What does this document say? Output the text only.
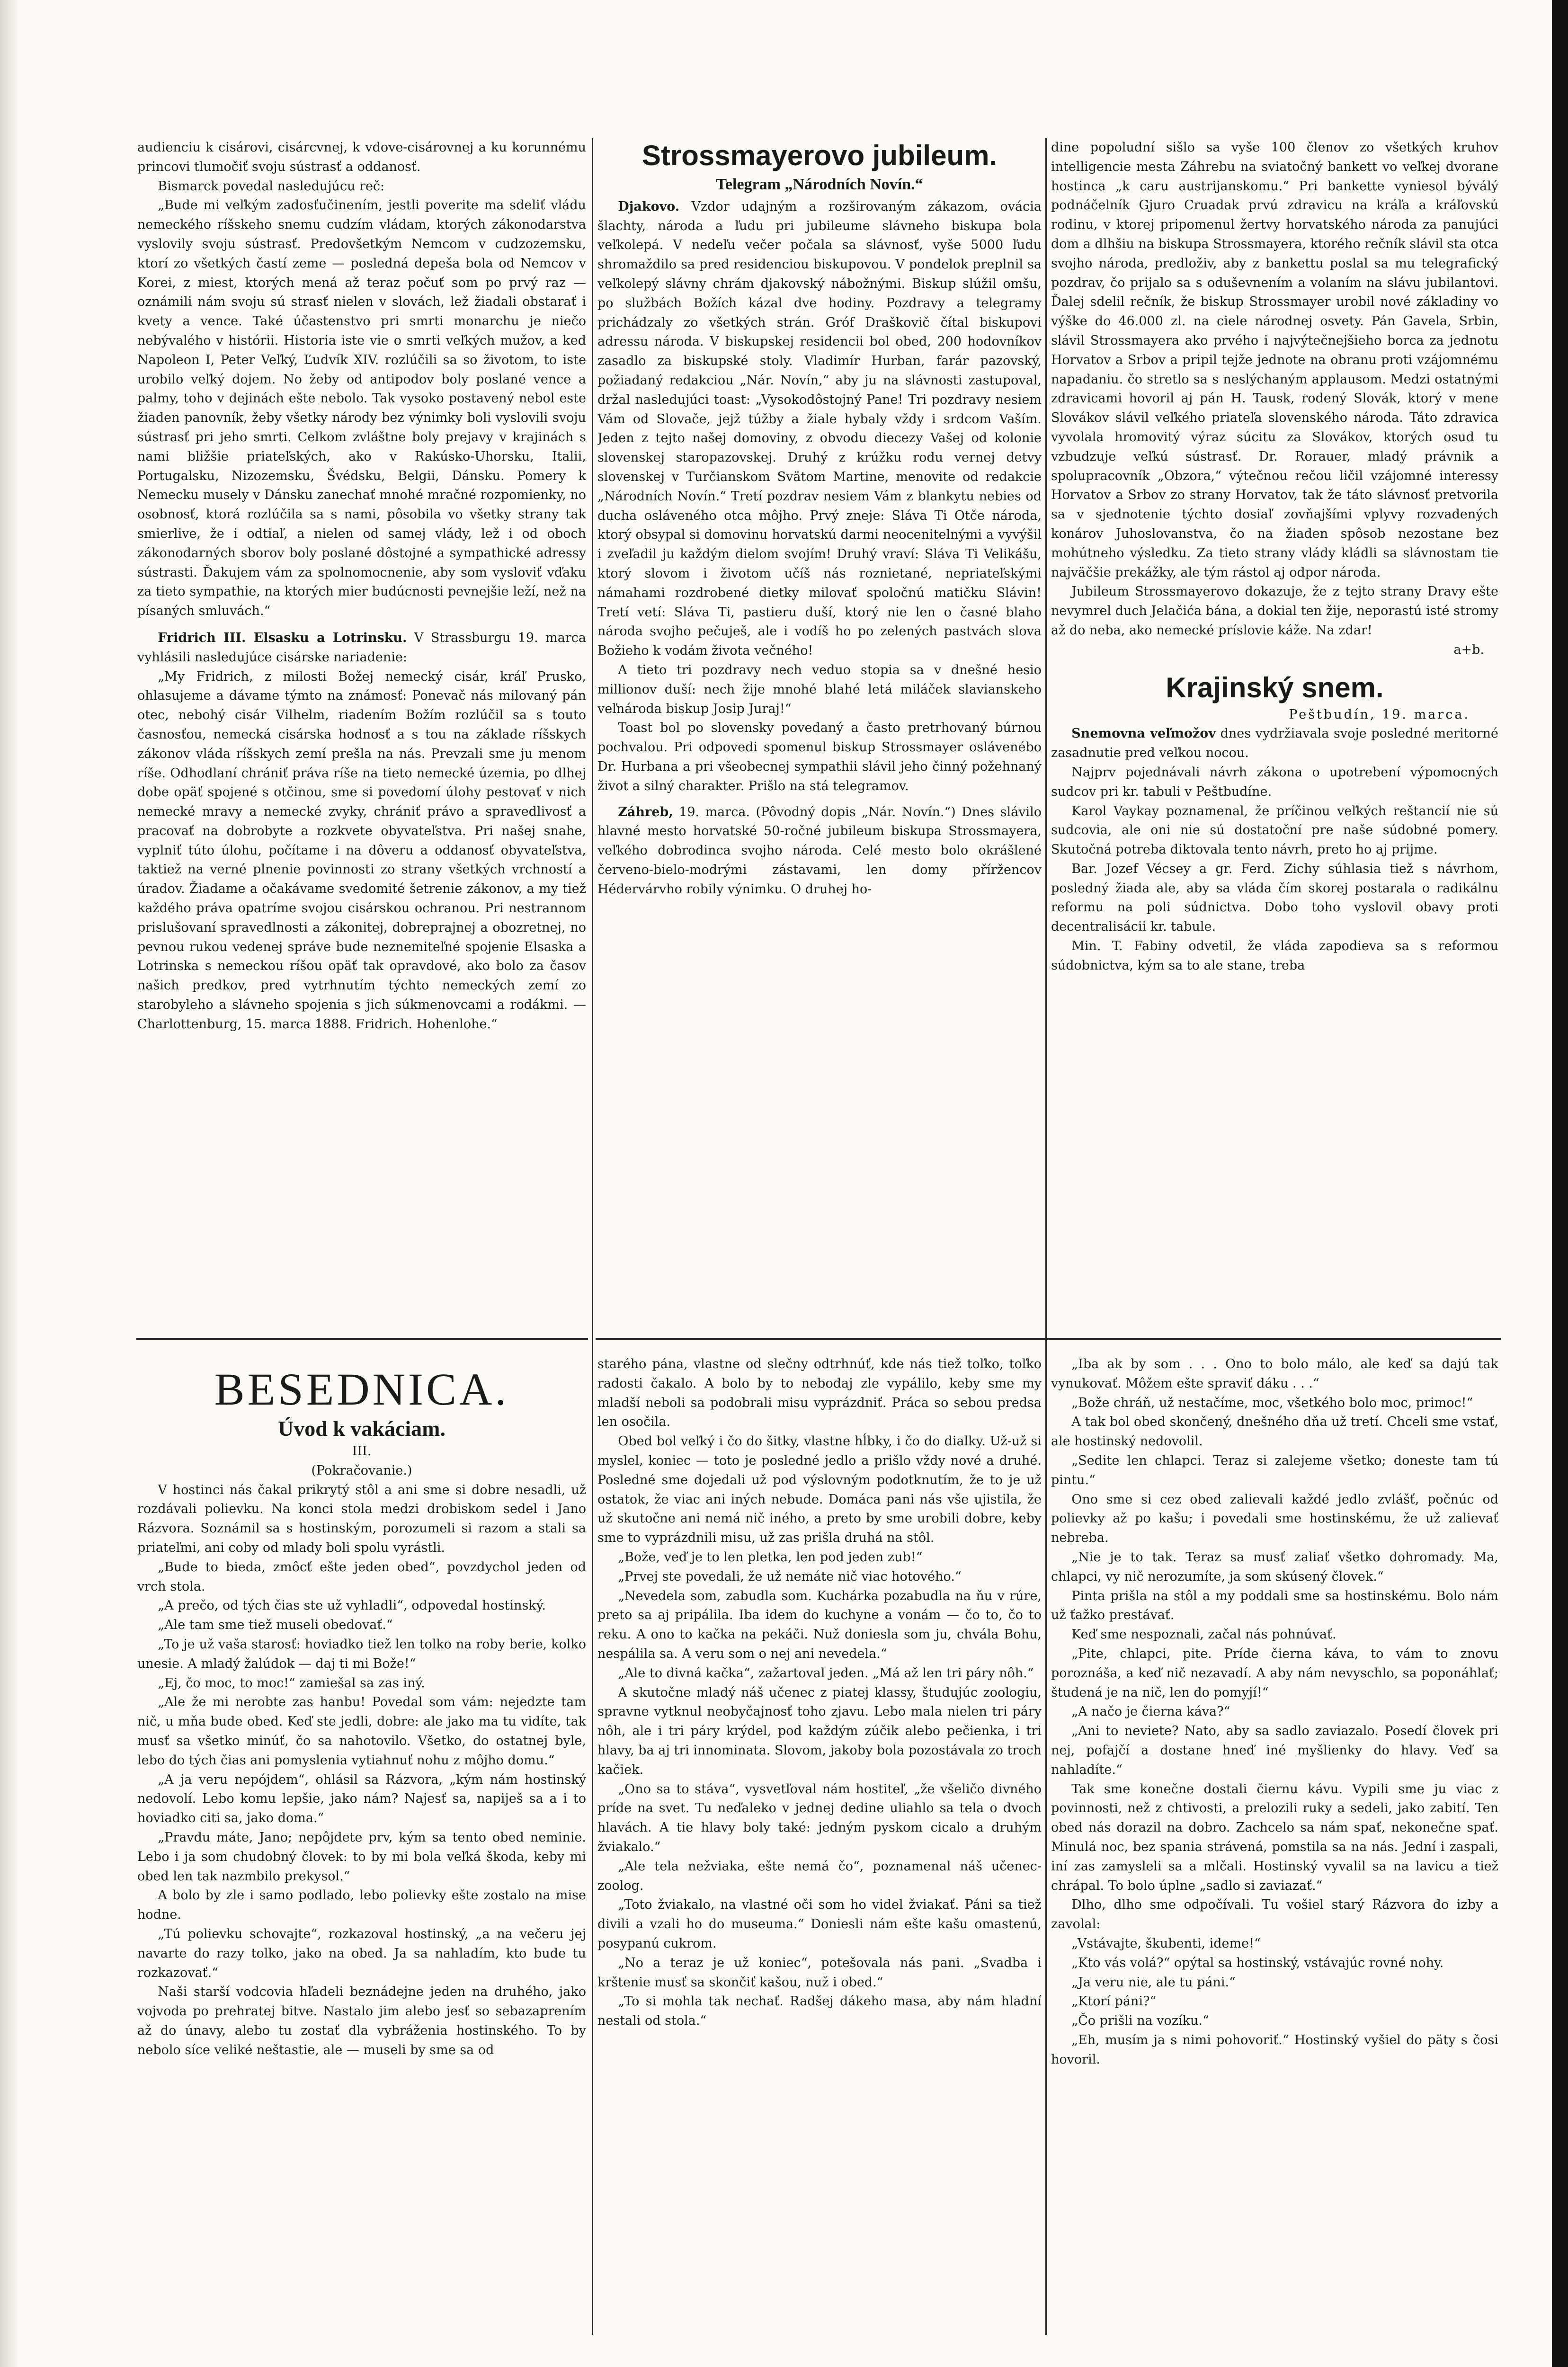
audienciu k cisárovi, cisárcvnej, k vdove-cisárovnej a ku korunnému princovi tlumočiť svoju sústrasť a oddanosť.

Bismarck povedal nasledujúcu reč:

„Bude mi veľkým zadosťučinením, jestli poverite ma sdeliť vládu nemeckého ríšskeho snemu cudzím vládam, ktorých zákonodarstva vyslovily svoju sústrasť. Predovšetkým Nemcom v cudzozemsku, ktorí zo všetkých častí zeme — posledná depeša bola od Nemcov v Korei, z miest, ktorých mená až teraz počuť som po prvý raz — oznámili nám svoju sú strasť nielen v slovách, lež žiadali obstarať i kvety a vence. Také účastenstvo pri smrti monarchu je niečo nebývalého v histórii. Historia iste vie o smrti veľkých mužov, a keď Napoleon I, Peter Veľký, Ľudvík XIV. rozlúčili sa so životom, to iste urobilo veľký dojem. No žeby od antipodov boly poslané vence a palmy, toho v dejinách ešte nebolo. Tak vysoko postavený nebol este žiaden panovník, žeby všetky národy bez výnimky boli vyslovili svoju sústrasť pri jeho smrti. Celkom zvláštne boly prejavy v krajinách s nami bližšie priateľských, ako v Rakúsko-Uhorsku, Italii, Portugalsku, Nizozemsku, Švédsku, Belgii, Dánsku. Pomery k Nemecku musely v Dánsku zanechať mnohé mračné rozpomienky, no osobnosť, ktorá rozlúčila sa s nami, pôsobila vo všetky strany tak smierlive, že i odtiaľ, a nielen od samej vlády, lež i od obоch zákonodarných sborov boly poslané dôstojné a sympathické adressy sústrasti. Ďakujem vám za spolnomocnenie, aby som vysloviť vďaku za tieto sympathie, na ktorých mier budúcnosti pevnejšie leží, než na písaných smluvách.“

Fridrich III. Elsasku a Lotrinsku. V Strassburgu 19. marca vyhlásili nasledujúce cisárske nariadenie:

„My Fridrich, z milosti Božej nemecký cisár, kráľ Prusko, ohlasujeme a dávame týmto na známosť: Ponevač nás milovaný pán otec, nebohý cisár Vilhelm, riadením Božím rozlúčil sa s touto časnosťou, nemecká cisárska hodnosť a s tou na základe ríšskych zákonov vláda ríšskych zemí prešla na nás. Prevzali sme ju menom ríše. Odhodlaní chrániť práva ríše na tieto nemecké územia, po dlhej dobe opäť spojené s otčinou, sme si povedomí úlohy pestovať v nich nemecké mravy a nemecké zvyky, chrániť právo a spravedlivosť a pracovať na dobrobyte a rozkvete obyvateľstva. Pri našej snahe, vyplniť túto úlohu, počítame i na dôveru a oddanosť obyvateľstva, taktiež na verné plnenie povinnosti zo strany všetkých vrchností a úradov. Žiadame a očakávame svedomité šetrenie zákonov, a my tiež každého práva opatríme svojou cisárskou ochranou. Pri nestrannom prislušovaní spravedlnosti a zákonitej, dobreprajnej a obozretnej, no pevnou rukou vedenej správe bude neznemiteľné spojenie Elsaska a Lotrinska s nemeckou ríšou opäť tak opravdové, ako bolo za časov našich predkov, pred vytrhnutím týchto nemeckých zemí zo starobyleho a slávneho spojenia s jich súkmenovcami a rodákmi. — Charlottenburg, 15. marca 1888. Fridrich. Hohenlohe.“

Strossmayerovo jubileum.
Telegram „Národních Novín.“

Djakovo. Vzdor udajným a rozširovaným zákazom, ovácia šlachty, národa a ľudu pri jubileume slávneho biskupa bola veľkolepá. V nedeľu večer počala sa slávnosť, vyše 5000 ľudu shromaždilo sa pred residenciou biskupovou. V pondelok preplnil sa veľkolepý slávny chrám djakovský nábožnými. Biskup slúžil omšu, po službách Božích kázal dve hodiny. Pozdravy a telegramy prichádzaly zo všetkých strán. Gróf Draškovič čítal biskupovi adressu národa. V biskupskej residencii bol obed, 200 hodovníkov zasadlo za biskupské stoly. Vladimír Hurban, farár pazovský, požiadaný redakciou „Nár. Novín,“ aby ju na slávnosti zastupoval, držal nasledujúci toast: „Vysokodôstojný Pane! Tri pozdravy nesiem Vám od Slovače, jejž túžby a žiale hybaly vždy i srdcom Vaším. Jeden z tejto našej domoviny, z obvodu diecezy Vašej od kolonie slovenskej staropazovskej. Druhý z krúžku rodu vernej detvy slovenskej v Turčianskom Svätom Martine, menovite od redakcie „Národních Novín.“ Tretí pozdrav nesiem Vám z blankytu nebies od ducha osláveného otca môjho. Prvý zneje: Sláva Ti Otče národa, ktorý obsypal si domovinu horvatskú darmi neocenitelnými a vyvýšil i zveľadil ju každým dielom svojím! Druhý vraví: Sláva Ti Velikášu, ktorý slovom i životom učíš nás roznietané, nepriateľskými námahami rozdrobené dietky milovať spoločnú matičku Slávin! Tretí vetí: Sláva Ti, pastieru duší, ktorý nie len o časné blaho národa svojho pečuješ, ale i vodíš ho po zelených pastvách slova Božieho k vodám života večného!

A tieto tri pozdravy nech veduo stopia sa v dnešné hesio millionov duší: nech žije mnohé blahé letá miláček slavianskeho veľnároda biskup Josip Juraj!“

Toast bol po slovensky povedaný a často pretrhovaný búrnou pochvalou. Pri odpovedi spomenul biskup Strossmayer oslávenébo Dr. Hurbana a pri všeobecnej sympathii slávil jeho činný požehnaný život a silný charakter. Prišlo na stá telegramov.

Záhreb, 19. marca. (Pôvodný dopis „Nár. Novín.“) Dnes slávilo hlavné mesto horvatské 50-ročné jubileum biskupa Strossmayera, veľkého dobrodinca svojho národa. Celé mesto bolo okrášlené červeno-bielo-modrými zástavami, len domy příržencov Hédervárvho robily výnimku. O druhej ho-

dine popoludní sišlo sa vyše 100 členov zo všetkých kruhov intelligencie mesta Záhrebu na sviatočný bankett vo veľkej dvorane hostinca „k caru austrijanskomu.“ Pri bankette vyniesol býválý podnáčelník Gjuro Cruadak prvú zdravicu na kráľa a kráľovskú rodinu, v ktorej pripomenul žertvy horvatského národa za panujúci dom a dlhšiu na biskupa Strossmayera, ktorého rečník slávil sta otca svojho národa, predloživ, aby z bankettu poslal sa mu telegrafický pozdrav, čo prijalo sa s oduševnením a volaním na slávu jubilantovi. Ďalej sdelil rečník, že biskup Strossmayer urobil nové základiny vo výške do 46.000 zl. na ciele národnej osvety. Pán Gavela, Srbin, slávil Strossmayera ako prvého i najvýtečnejšieho borca za jednotu Horvatov a Srbov a pripil tejže jednote na obranu proti vzájomnému napadaniu. čo stretlo sa s neslýchaným applausom. Medzi ostatnými zdravicami hovoril aj pán H. Tausk, rodený Slovák, ktorý v mene Slovákov slávil veľkého priateľa slovenského národa. Táto zdravica vyvolala hromovitý výraz súcitu za Slovákov, ktorých osud tu vzbudzuje veľkú sústrasť. Dr. Rorauer, mladý právnik a spolupracovník „Obzora,“ výtečnou rečou ličil vzájomné interessy Horvatov a Srbov zo strany Horvatov, tak že táto slávnosť pretvorila sa v sjednotenie týchto dosiaľ zovňajšími vplyvy rozvadených konárov Juhoslovanstva, čo na žiaden spôsob nezostane bez mohútneho výsledku. Za tieto strany vlády kládli sa slávnostam tie najväčšie prekážky, ale tým rástol aj odpor národa.

Jubileum Strossmayerovo dokazuje, že z tejto strany Dravy ešte nevymrel duch Jelačića bána, a dokial ten žije, neporastú isté stromy až do neba, ako nemecké príslovie káže. Na zdar!

a+b.
Krajinský snem.
Peštbudín, 19. marca.

Snemovna veľmožov dnes vydržiavala svoje posledné meritorné zasadnutie pred veľkou nocou.

Najprv pojednávali návrh zákona o upotrebení výpomocných sudcov pri kr. tabuli v Peštbudíne.

Karol Vaykay poznamenal, že príčinou veľkých reštancií nie sú sudcovia, ale oni nie sú dostatoční pre naše súdobné pomery. Skutočná potreba diktovala tento návrh, preto ho aj prijme.

Bar. Jozef Vécsey a gr. Ferd. Zichy súhlasia tiež s návrhom, posledný žiada ale, aby sa vláda čím skorej postarala o radikálnu reformu na poli súdnictva. Dobo toho vyslovil obavy proti decentralisácii kr. tabule.

Min. T. Fabiny odvetil, že vláda zapodieva sa s reformou súdobnictva, kým sa to ale stane, treba

BESEDNICA.
Úvod k vakáciam.
III.
(Pokračovanie.)

V hostinci nás čakal prikrytý stôl a ani sme si dobre nesadli, už rozdávali polievku. Na konci stola medzi drobiskom sedel i Jano Rázvora. Soznámil sa s hostinským, porozumeli si razom a stali sa priateľmi, ani coby od mlady boli spolu vyrástli.

„Bude to bieda, zmôcť ešte jeden obed“, povzdychol jeden od vrch stola.

„A prečo, od tých čias ste už vyhladli“, odpovedal hostinský.

„Ale tam sme tiež museli obedovať.“

„To je už vaša starosť: hoviadko tiež len tolko na roby berie, kolko unesie. A mladý žalúdok — daj ti mi Bože!“

„Ej, čo moc, to moc!“ zamiešal sa zas iný.

„Ale že mi nerobte zas hanbu! Povedal som vám: nejedzte tam nič, u mňa bude obed. Keď ste jedli, dobre: ale jako ma tu vidíte, tak musť sa všetko minúť, čo sa nahotovilo. Všetko, do ostatnej byle, lebo do tých čias ani pomyslenia vytiahnuť nohu z môjho domu.“

„A ja veru nepójdem“, ohlásil sa Rázvora, „kým nám hostinský nedovolí. Lebo komu lepšie, jako nám? Najesť sa, napiješ sa a i to hoviadko citi sa, jako doma.“

„Pravdu máte, Jano; nepôjdete prv, kým sa tento obed neminie. Lebo i ja som chudobný človek: to by mi bola veľká škoda, keby mi obed len tak nazmbilo prekysol.“

A bolo by zle i samo podlado, lebo polievky ešte zostalo na mise hodne.

„Tú polievku schovajte“, rozkazoval hostinský, „a na večeru jej navarte do razy tolko, jako na obed. Ja sa nahladím, kto bude tu rozkazovať.“

Naši starší vodcovia hľadeli beznádejne jeden na druhého, jako vojvoda po prehratej bitve. Nastalo jim alebo jesť so sebazaprením až do únavy, alebo tu zostať dla vybráženia hostinského. To by nebolo síce veliké neštastie, ale — museli by sme sa od

starého pána, vlastne od slečny odtrhnúť, kde nás tiež toľko, toľko radosti čakalo. A bolo by to nebodaj zle vypálilo, keby sme my mladší neboli sa podobrali misu vyprázdniť. Práca so sebou predsa len osočila.

Obed bol veľký i čo do šitky, vlastne hĺbky, i čo do dialky. Už-už si myslel, koniec — toto je posledné jedlo a prišlo vždy nové a druhé. Posledné sme dojedali už pod výslovným podotknutím, že to je už ostatok, že viac ani iných nebude. Domáca pani nás vše ujistila, že už skutočne ani nemá nič iného, a preto by sme urobili dobre, keby sme to vyprázdnili misu, už zas prišla druhá na stôl.

„Bože, veď je to len pletka, len pod jeden zub!“

„Prvej ste povedali, že už nemáte nič viac hotového.“

„Nevedela som, zabudla som. Kuchárka pozabudla na ňu v rúre, preto sa aj pripálila. Iba idem do kuchyne a vonám — čo to, čo to reku. A ono to kačka na pekáči. Nuž doniesla som ju, chvála Bohu, nespálila sa. A veru som o nej ani nevedela.“

„Ale to divná kačka“, zažartoval jeden. „Má až len tri páry nôh.“

A skutočne mladý náš učenec z piatej klassy, študujúc zoologiu, spravne vytknul neobyčajnosť toho zjavu. Lebo mala nielen tri páry nôh, ale i tri páry krýdel, pod každým zúčik alebo pečienka, i tri hlavy, ba aj tri innominata. Slovom, jakoby bola pozostávala zo troch kačiek.

„Ono sa to stáva“, vysvetľoval nám hostiteľ, „že všeličo divného príde na svet. Tu neďaleko v jednej dedine uliahlo sa tela o dvoch hlavách. A tie hlavy boly také: jedným pyskom cicalo a druhým žviakalo.“

„Ale tela nežviaka, ešte nemá čo“, poznamenal náš učenec-zoolog.

„Toto žviakalo, na vlastné oči som ho videl žviakať. Páni sa tiež divili a vzali ho do museuma.“ Doniesli nám ešte kašu omastenú, posypanú cukrom.

„No a teraz je už koniec“, potešovala nás pani. „Svadba i krštenie musť sa skončiť kašou, nuž i obed.“

„To si mohla tak nechať. Radšej dákeho masa, aby nám hladní nestali od stola.“

„Iba ak by som . . . Ono to bolo málo, ale keď sa dajú tak vynukovať. Môžem ešte spraviť dáku . . .“

„Bože chráň, už nestačíme, moc, všetkého bolo moc, primoc!“

A tak bol obed skončený, dnešného dňa už tretí. Chceli sme vstať, ale hostinský nedovolil.

„Sedite len chlapci. Teraz si zalejeme všetko; doneste tam tú pintu.“

Ono sme si cez obed zalievali každé jedlo zvlášť, počnúc od polievky až po kašu; i povedali sme hostinskému, že už zalievať nebreba.

„Nie je to tak. Teraz sa musť zaliať všetko dohromady. Ma, chlapci, vy nič nerozumíte, ja som skúsený človek.“

Pinta prišla na stôl a my poddali sme sa hostinskému. Bolo nám už ťažko prestávať.

Keď sme nespoznali, začal nás pohnúvať.

„Pite, chlapci, pite. Príde čierna káva, to vám to znovu poroznáša, a keď nič nezavadí. A aby nám nevyschlo, sa poponáhlať; študená je na nič, len do pomyjí!“

„A načo je čierna káva?“

„Ani to neviete? Nato, aby sa sadlo zaviazalo. Posedí človek pri nej, pofajčí a dostane hneď iné myšlienky do hlavy. Veď sa nahladíte.“

Tak sme konečne dostali čiernu kávu. Vypili sme ju viac z povinnosti, než z chtivosti, a prelozili ruky a sedeli, jako zabití. Ten obed nás dorazil na dobro. Zachcelo sa nám spať, nekonečne spať. Minulá noc, bez spania strávená, pomstila sa na nás. Jední i zaspali, iní zas zamysleli sa a mlčali. Hostinský vyvalil sa na lavicu a tiež chrápal. To bolo úplne „sadlo si zaviazať.“

Dlho, dlho sme odpočívali. Tu vošiel starý Rázvora do izby a zavolal:

„Vstávajte, škubenti, ideme!“

„Kto vás volá?“ opýtal sa hostinský, vstávajúc rovné nohy.

„Ja veru nie, ale tu páni.“

„Ktorí páni?“

„Čo prišli na vozíku.“

„Eh, musím ja s nimi pohovoriť.“ Hostinský vyšiel do päty s čosi hovoril.
